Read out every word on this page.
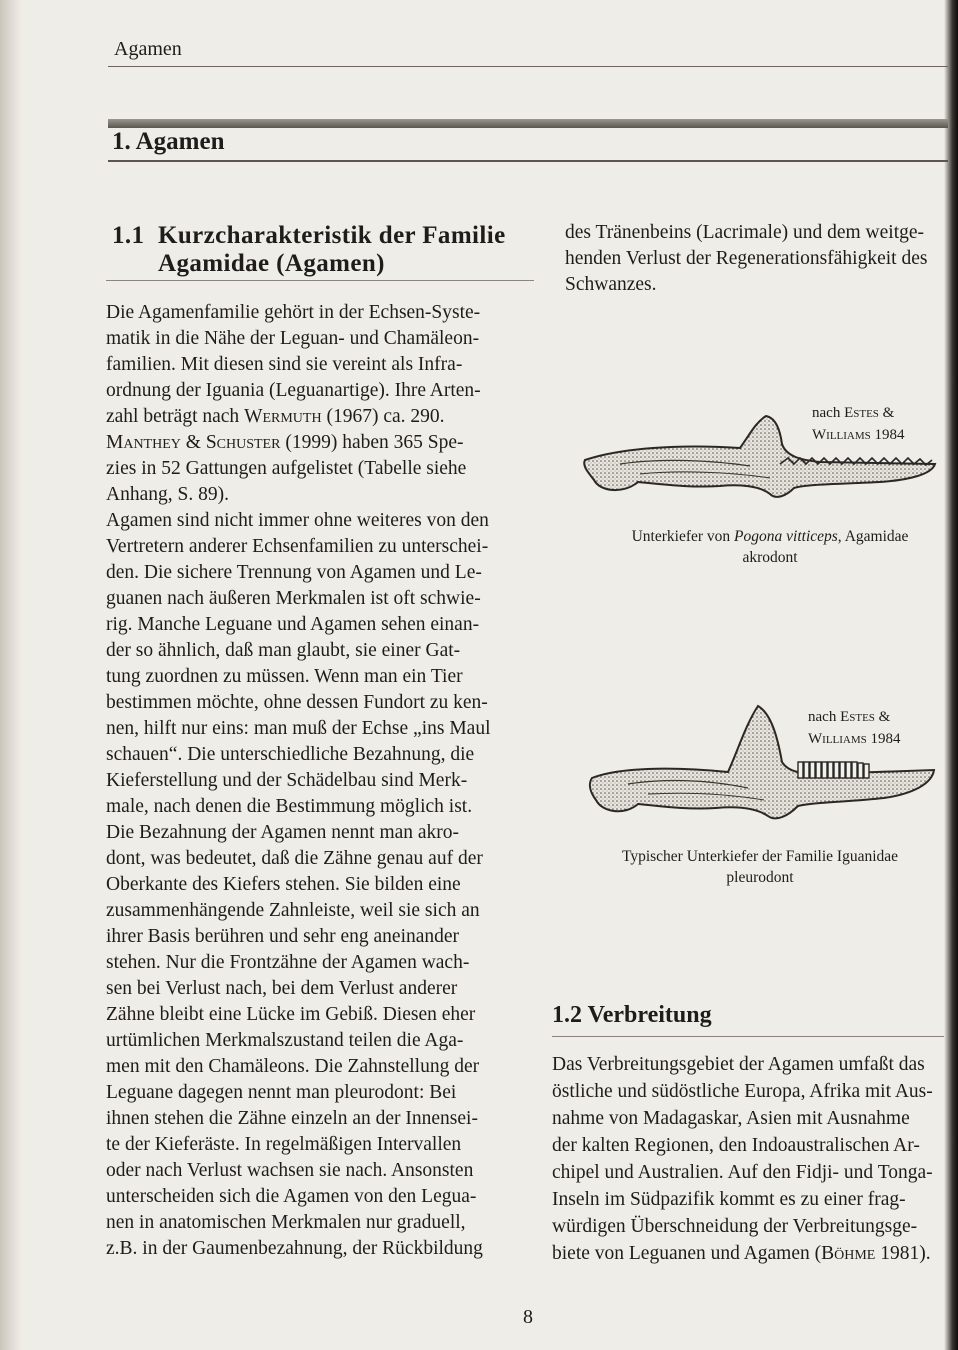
Agamen
1. Agamen
1.1 Kurzcharakteristik der Familie
Agamidae (Agamen)
Die Agamenfamilie gehört in der Echsen-Syste-
matik in die Nähe der Leguan- und Chamäleon-
familien. Mit diesen sind sie vereint als Infra-
ordnung der Iguania (Leguanartige). Ihre Arten-
zahl beträgt nach Wermuth (1967) ca. 290.
Manthey & Schuster (1999) haben 365 Spe-
zies in 52 Gattungen aufgelistet (Tabelle siehe
Anhang, S. 89).
Agamen sind nicht immer ohne weiteres von den
Vertretern anderer Echsenfamilien zu unterschei-
den. Die sichere Trennung von Agamen und Le-
guanen nach äußeren Merkmalen ist oft schwie-
rig. Manche Leguane und Agamen sehen einan-
der so ähnlich, daß man glaubt, sie einer Gat-
tung zuordnen zu müssen. Wenn man ein Tier
bestimmen möchte, ohne dessen Fundort zu ken-
nen, hilft nur eins: man muß der Echse „ins Maul
schauen“. Die unterschiedliche Bezahnung, die
Kieferstellung und der Schädelbau sind Merk-
male, nach denen die Bestimmung möglich ist.
Die Bezahnung der Agamen nennt man akro-
dont, was bedeutet, daß die Zähne genau auf der
Oberkante des Kiefers stehen. Sie bilden eine
zusammenhängende Zahnleiste, weil sie sich an
ihrer Basis berühren und sehr eng aneinander
stehen. Nur die Frontzähne der Agamen wach-
sen bei Verlust nach, bei dem Verlust anderer
Zähne bleibt eine Lücke im Gebiß. Diesen eher
urtümlichen Merkmalszustand teilen die Aga-
men mit den Chamäleons. Die Zahnstellung der
Leguane dagegen nennt man pleurodont: Bei
ihnen stehen die Zähne einzeln an der Innensei-
te der Kieferäste. In regelmäßigen Intervallen
oder nach Verlust wachsen sie nach. Ansonsten
unterscheiden sich die Agamen von den Legua-
nen in anatomischen Merkmalen nur graduell,
z.B. in der Gaumenbezahnung, der Rückbildung
des Tränenbeins (Lacrimale) und dem weitge-
henden Verlust der Regenerationsfähigkeit des
Schwanzes.
nach Estes &
Williams 1984
Unterkiefer von Pogona vitticeps, Agamidae
akrodont
nach Estes &
Williams 1984
Typischer Unterkiefer der Familie Iguanidae
pleurodont
1.2 Verbreitung
Das Verbreitungsgebiet der Agamen umfaßt das
östliche und südöstliche Europa, Afrika mit Aus-
nahme von Madagaskar, Asien mit Ausnahme
der kalten Regionen, den Indoaustralischen Ar-
chipel und Australien. Auf den Fidji- und Tonga-
Inseln im Südpazifik kommt es zu einer frag-
würdigen Überschneidung der Verbreitungsge-
biete von Leguanen und Agamen (Böhme 1981).
8
